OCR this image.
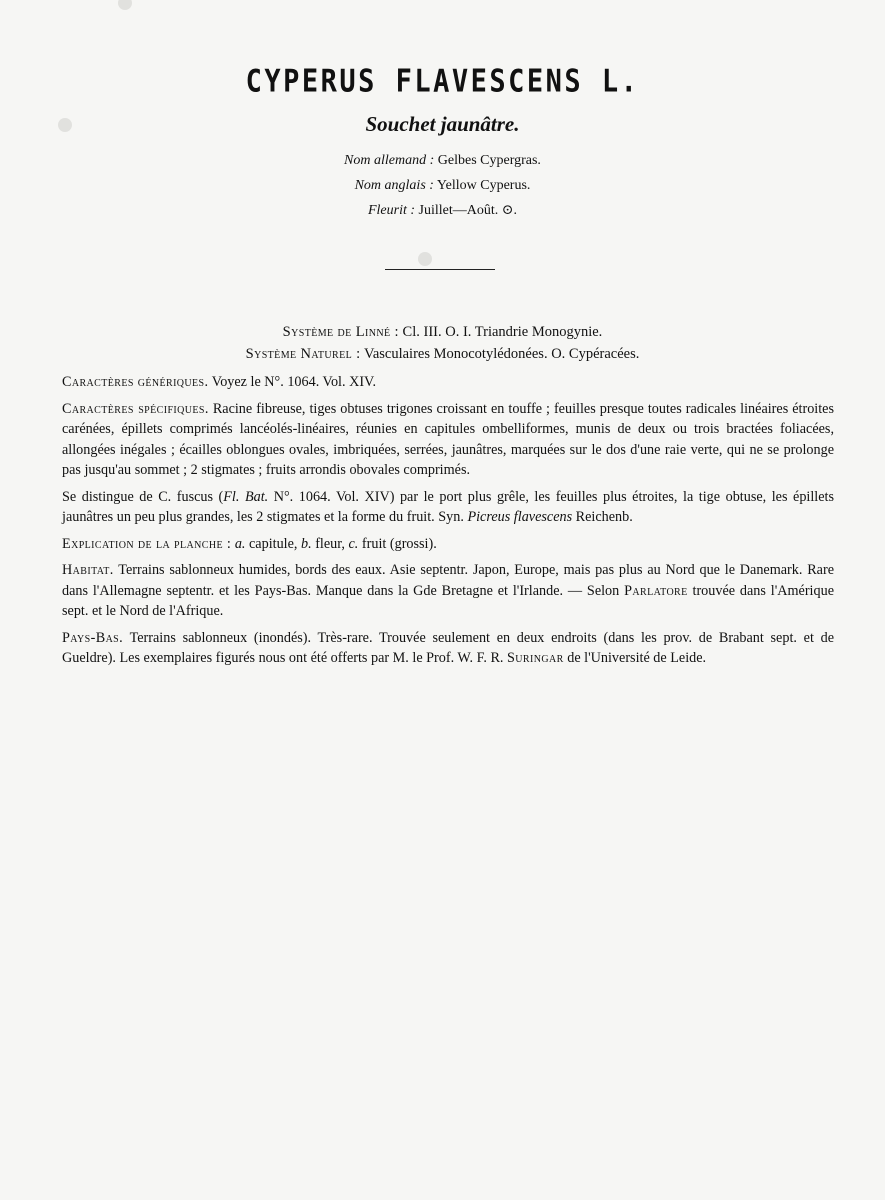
CYPERUS FLAVESCENS L.
Souchet jaunâtre.
Nom allemand : Gelbes Cypergras.
Nom anglais : Yellow Cyperus.
Fleurit : Juillet—Août. ⊙.
Système de Linné : Cl. III. O. I. Triandrie Monogynie.
Système Naturel : Vasculaires Monocotylédonées. O. Cypéracées.

Caractères génériques. Voyez le N°. 1064. Vol. XIV.

Caractères spécifiques. Racine fibreuse, tiges obtuses trigones croissant en touffe ; feuilles presque toutes radicales linéaires étroites carénées, épillets comprimés lancéolés-linéaires, réunies en capitules ombelliformes, munis de deux ou trois bractées foliacées, allongées inégales ; écailles oblongues ovales, imbriquées, serrées, jaunâtres, marquées sur le dos d'une raie verte, qui ne se prolonge pas jusqu'au sommet ; 2 stigmates ; fruits arrondis obovales comprimés.

Se distingue de C. fuscus (Fl. Bat. N°. 1064. Vol. XIV) par le port plus grêle, les feuilles plus étroites, la tige obtuse, les épillets jaunâtres un peu plus grandes, les 2 stigmates et la forme du fruit. Syn. Picreus flavescens Reichenb.

Explication de la planche : a. capitule, b. fleur, c. fruit (grossi).

Habitat. Terrains sablonneux humides, bords des eaux. Asie septentr. Japon, Europe, mais pas plus au Nord que le Danemark. Rare dans l'Allemagne septentr. et les Pays-Bas. Manque dans la Gde Bretagne et l'Irlande. — Selon Parlatore trouvée dans l'Amérique sept. et le Nord de l'Afrique.

Pays-Bas. Terrains sablonneux (inondés). Très-rare. Trouvée seulement en deux endroits (dans les prov. de Brabant sept. et de Gueldre). Les exemplaires figurés nous ont été offerts par M. le Prof. W. F. R. Suringar de l'Université de Leide.
